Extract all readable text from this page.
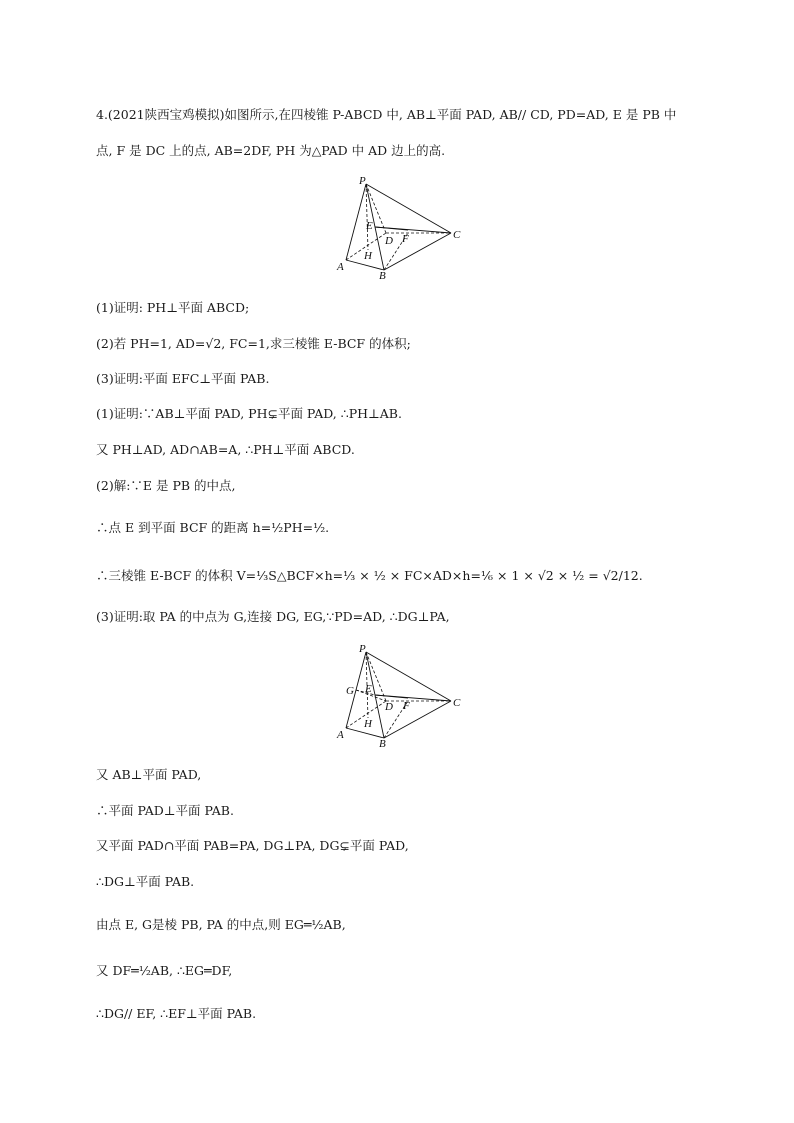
4.(2021陕西宝鸡模拟)如图所示,在四棱锥 P-ABCD 中, AB⊥平面 PAD, AB// CD, PD=AD, E 是 PB 中
点, F 是 DC 上的点, AB=2DF, PH 为△PAD 中 AD 边上的高.
P
E
D F	C
H
A
B
(1)证明: PH⊥平面 ABCD;
(2)若 PH=1, AD=√2, FC=1,求三棱锥 E-BCF 的体积;
(3)证明:平面 EFC⊥平面 PAB.
(1)证明:∵AB⊥平面 PAD, PH⊊平面 PAD, ∴PH⊥AB.
又 PH⊥AD, AD∩AB=A, ∴PH⊥平面 ABCD.
(2)解:∵E 是 PB 的中点,
∴点 E 到平面 BCF 的距离 h=½PH=½.
∴三棱锥 E-BCF 的体积 V=⅓S△BCF×h=⅓ × ½ × FC×AD×h=⅙ × 1 × √2 × ½ = √2/12.
(3)证明:取 PA 的中点为 G,连接 DG, EG,∵PD=AD, ∴DG⊥PA,
P
G E
D F	C
H
A
B
又 AB⊥平面 PAD,
∴平面 PAD⊥平面 PAB.
又平面 PAD∩平面 PAB=PA, DG⊥PA, DG⊊平面 PAD,
∴DG⊥平面 PAB.
由点 E, G是棱 PB, PA 的中点,则 EG═½AB,
又 DF═½AB, ∴EG═DF,
∴DG// EF, ∴EF⊥平面 PAB.
